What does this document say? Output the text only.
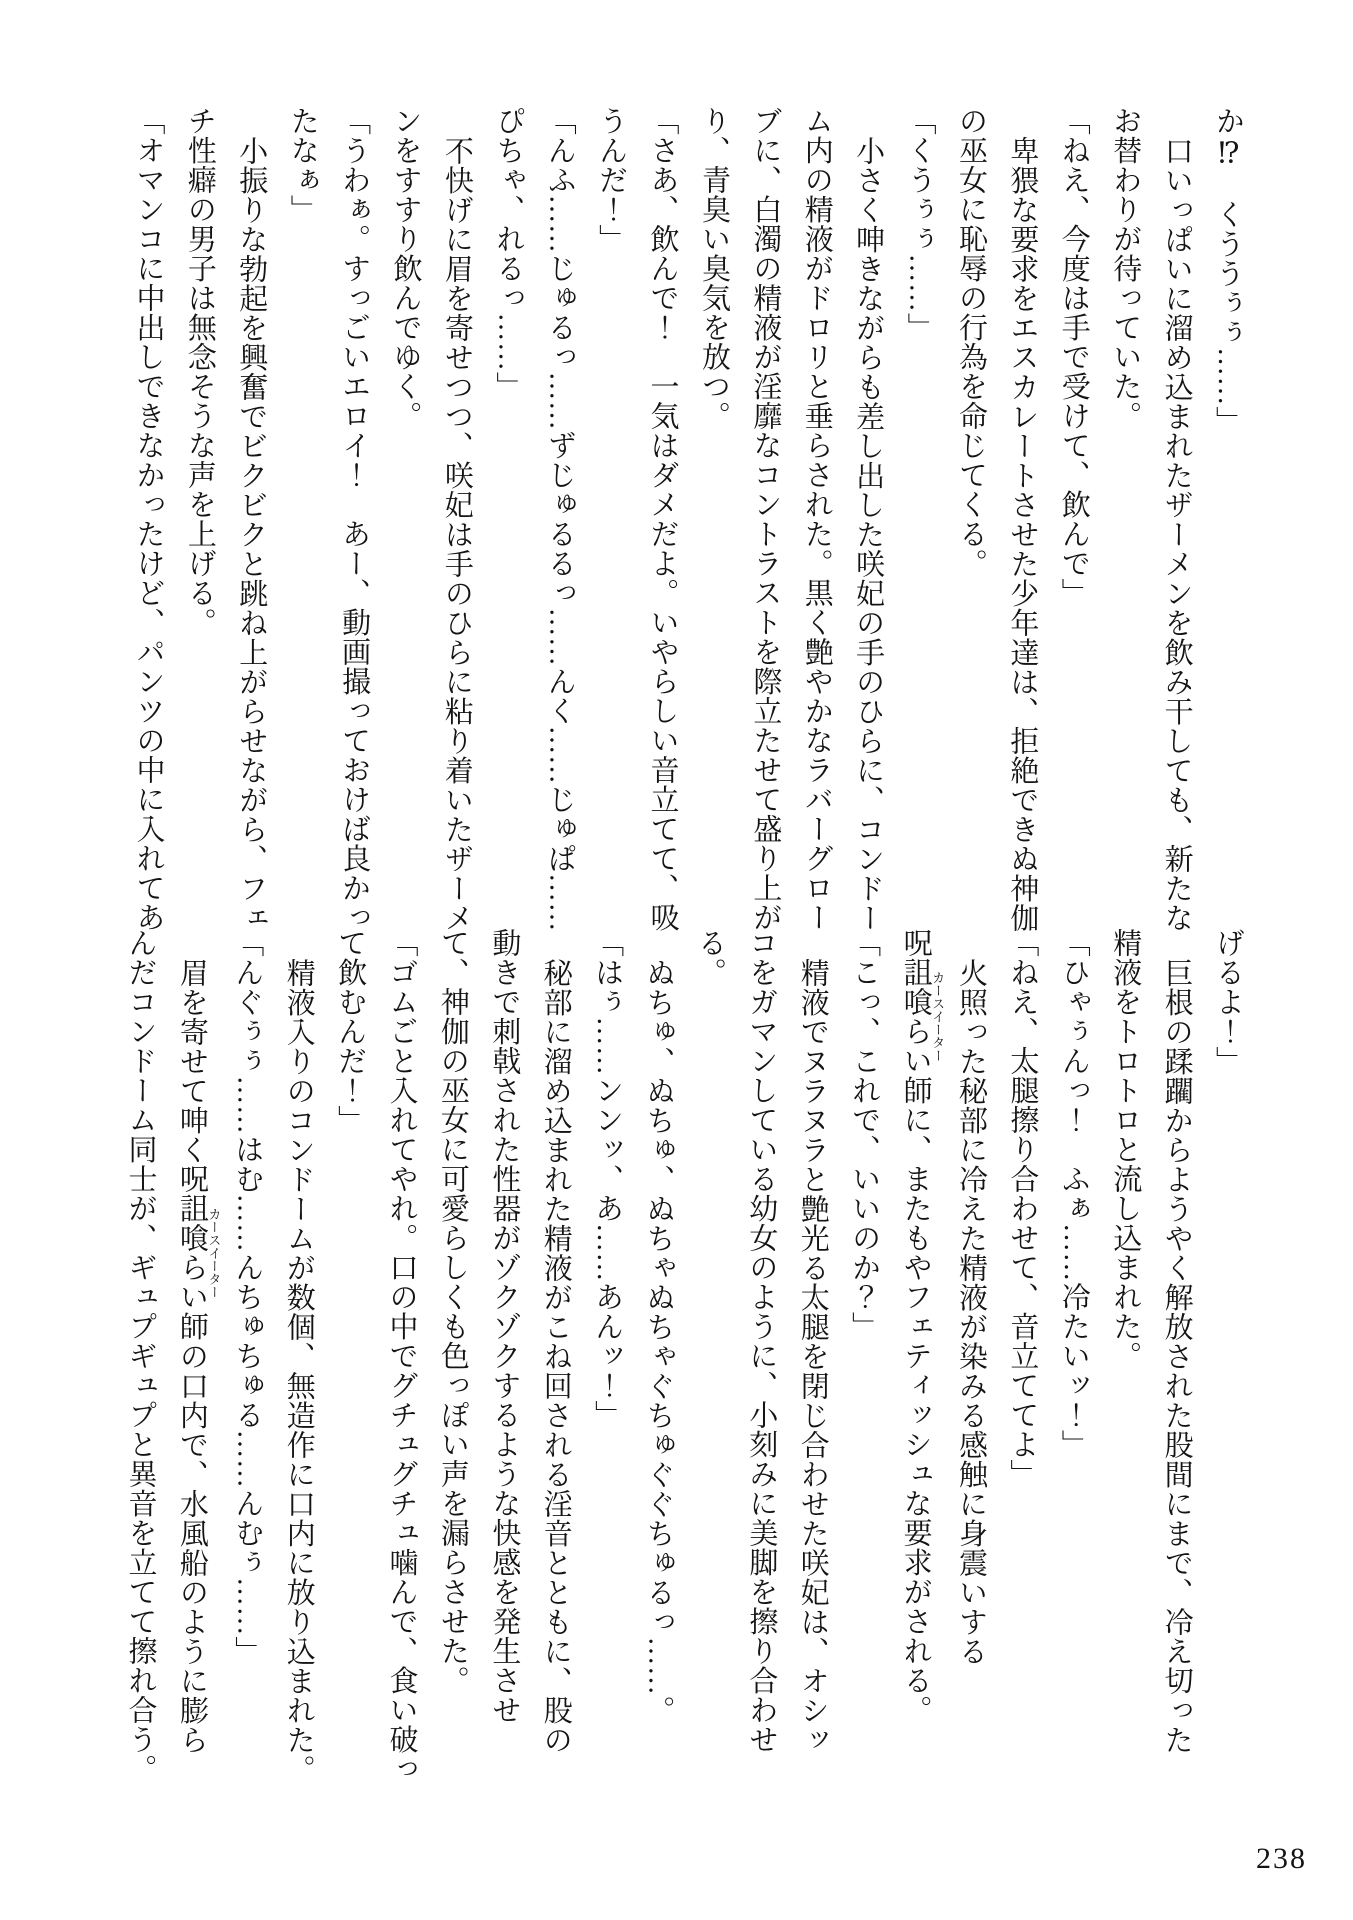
か⁉　くううぅぅ……」

口いっぱいに溜め込まれたザーメンを飲み干しても、新たな

お替わりが待っていた。

「ねえ、今度は手で受けて、飲んで」

卑猥な要求をエスカレートさせた少年達は、拒絶できぬ神伽

の巫女に恥辱の行為を命じてくる。

「くうぅぅ……」

小さく呻きながらも差し出した咲妃の手のひらに、コンドー

ム内の精液がドロリと垂らされた。黒く艶やかなラバーグロー

ブに、白濁の精液が淫靡なコントラストを際立たせて盛り上が

り、青臭い臭気を放つ。

「さあ、飲んで！　一気はダメだよ。いやらしい音立てて、吸

うんだ！」

「んふ……じゅるっ……ずじゅるるっ……んく……じゅぱ……

ぴちゃ、れるっ……」

不快げに眉を寄せつつ、咲妃は手のひらに粘り着いたザーメ

ンをすすり飲んでゆく。

「うわぁ。すっごいエロイ！　あー、動画撮っておけば良かっ

たなぁ」

小振りな勃起を興奮でビクビクと跳ね上がらせながら、フェ

チ性癖の男子は無念そうな声を上げる。

「オマンコに中出しできなかったけど、パンツの中に入れてあ

げるよ！」

巨根の蹂躙からようやく解放された股間にまで、冷え切った

精液をトロトロと流し込まれた。

「ひゃぅんっ！　ふぁ……冷たいッ！」

「ねえ、太腿擦り合わせて、音立ててよ」

火照った秘部に冷えた精液が染みる感触に身震いする

呪詛喰らい師カースイーターに、またもやフェティッシュな要求がされる。

「こっ、これで、いいのか？」

精液でヌラヌラと艶光る太腿を閉じ合わせた咲妃は、オシッ

コをガマンしている幼女のように、小刻みに美脚を擦り合わせ

る。

ぬちゅ、ぬちゅ、ぬちゃぬちゃぐちゅぐぐちゅるっ……。

「はぅ……ンンッ、あ……あんッ！」

秘部に溜め込まれた精液がこね回される淫音とともに、股の

動きで刺戟された性器がゾクゾクするような快感を発生させ

て、神伽の巫女に可愛らしくも色っぽい声を漏らさせた。

「ゴムごと入れてやれ。口の中でグチュグチュ噛んで、食い破っ

て飲むんだ！」

精液入りのコンドームが数個、無造作に口内に放り込まれた。

「んぐぅぅ……はむ……んちゅちゅる……んむぅ……」

眉を寄せて呻く呪詛喰らい師カースイーターの口内で、水風船のように膨ら

んだコンドーム同士が、ギュプギュプと異音を立てて擦れ合う。

238
